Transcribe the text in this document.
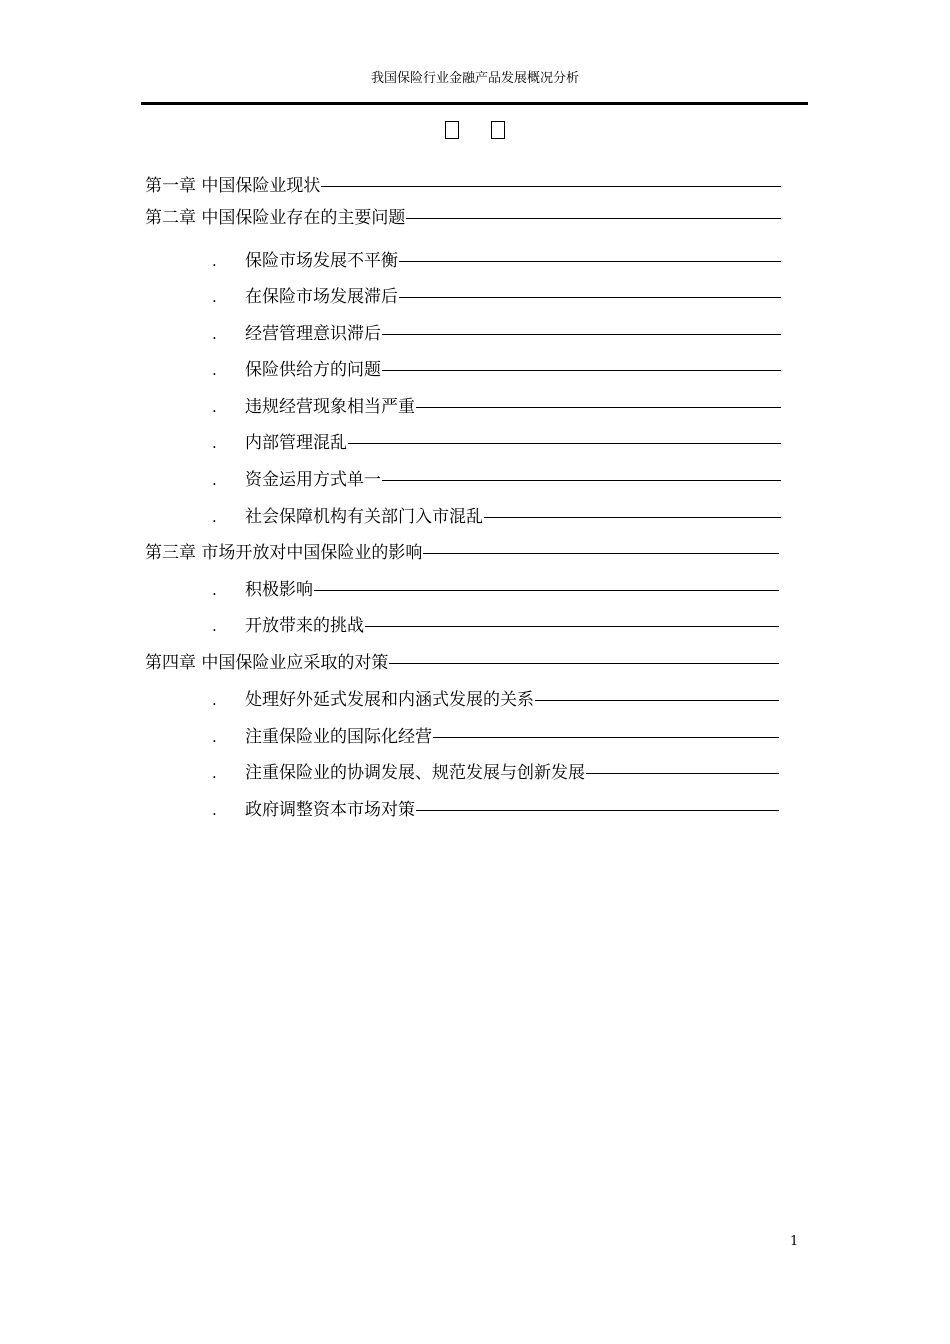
我国保险行业金融产品发展概况分析
第一章 中国保险业现状
第二章 中国保险业存在的主要问题
.	保险市场发展不平衡
.	在保险市场发展滞后
.	经营管理意识滞后
.	保险供给方的问题
.	违规经营现象相当严重
.	内部管理混乱
.	资金运用方式单一
.	社会保障机构有关部门入市混乱
第三章 市场开放对中国保险业的影响
.	积极影响
.	开放带来的挑战
第四章 中国保险业应采取的对策
.	处理好外延式发展和内涵式发展的关系
.	注重保险业的国际化经营
.	注重保险业的协调发展、规范发展与创新发展
.	政府调整资本市场对策
1
